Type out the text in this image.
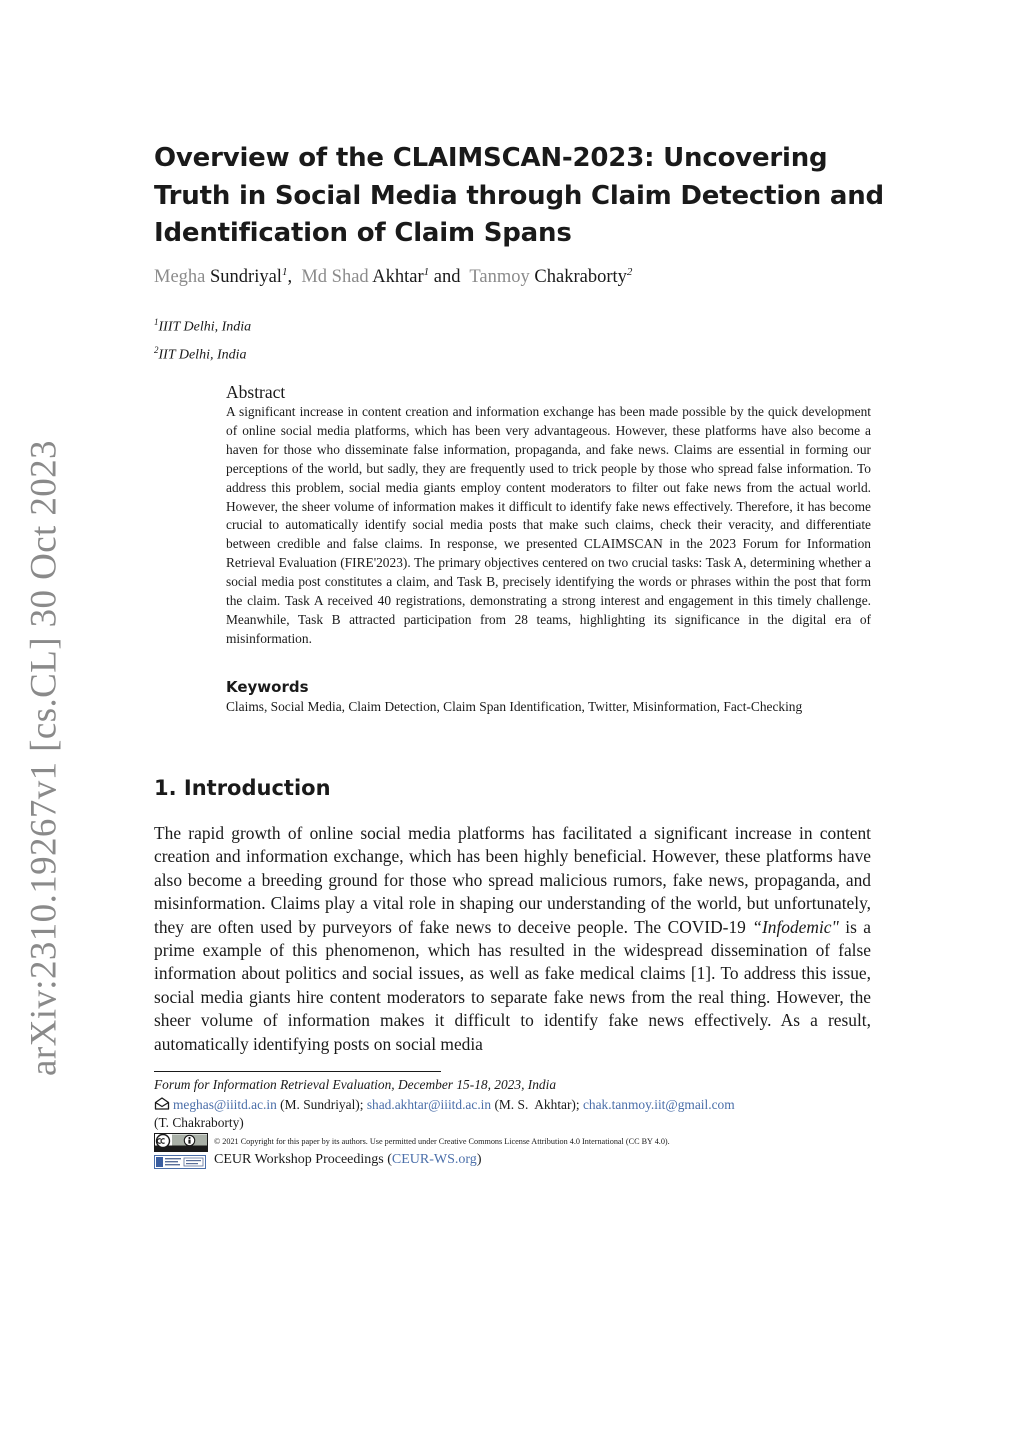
arXiv:2310.19267v1 [cs.CL] 30 Oct 2023
Overview of the CLAIMSCAN-2023: Uncovering Truth in Social Media through Claim Detection and Identification of Claim Spans
Megha Sundriyal$^1$,  Md Shad Akhtar$^1$ and  Tanmoy Chakraborty$^2$
$^1$IIIT Delhi, India
$^2$IIT Delhi, India
Abstract

A significant increase in content creation and information exchange has been made possible by the quick development of online social media platforms, which has been very advantageous. However, these platforms have also become a haven for those who disseminate false information, propaganda, and fake news. Claims are essential in forming our perceptions of the world, but sadly, they are frequently used to trick people by those who spread false information. To address this problem, social media giants employ content moderators to filter out fake news from the actual world. However, the sheer volume of information makes it difficult to identify fake news effectively. Therefore, it has become crucial to automatically identify social media posts that make such claims, check their veracity, and differentiate between credible and false claims. In response, we presented CLAIMSCAN in the 2023 Forum for Information Retrieval Evaluation (FIRE'2023). The primary objectives centered on two crucial tasks: Task A, determining whether a social media post constitutes a claim, and Task B, precisely identifying the words or phrases within the post that form the claim. Task A received 40 registrations, demonstrating a strong interest and engagement in this timely challenge. Meanwhile, Task B attracted participation from 28 teams, highlighting its significance in the digital era of misinformation.

Keywords
Claims, Social Media, Claim Detection, Claim Span Identification, Twitter, Misinformation, Fact-Checking
1. Introduction

The rapid growth of online social media platforms has facilitated a significant increase in content creation and information exchange, which has been highly beneficial. However, these platforms have also become a breeding ground for those who spread malicious rumors, fake news, propaganda, and misinformation. Claims play a vital role in shaping our understanding of the world, but unfortunately, they are often used by purveyors of fake news to deceive people. The COVID-19 “Infodemic" is a prime example of this phenomenon, which has resulted in the widespread dissemination of false information about politics and social issues, as well as fake medical claims [1]. To address this issue, social media giants hire content moderators to separate fake news from the real thing. However, the sheer volume of information makes it difficult to identify fake news effectively. As a result, automatically identifying posts on social media

Forum for Information Retrieval Evaluation, December 15-18, 2023, India
meghas@iiitd.ac.in (M. Sundriyal); shad.akhtar@iiitd.ac.in (M. S.  Akhtar); chak.tanmoy.iit@gmail.com
(T. Chakraborty)
© 2021 Copyright for this paper by its authors. Use permitted under Creative Commons License Attribution 4.0 International (CC BY 4.0).
CEUR Workshop Proceedings (CEUR-WS.org)
